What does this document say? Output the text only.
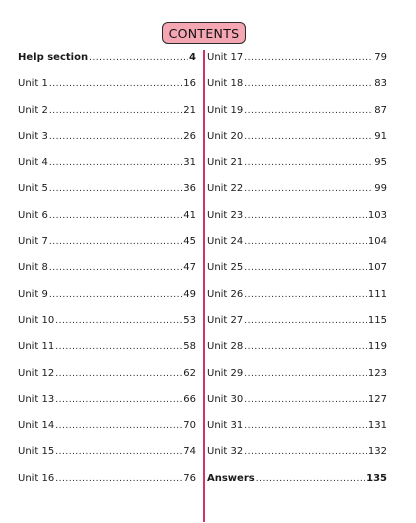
CONTENTS
Help section .....	4
Unit 1 .....	16
Unit 2 .....	21
Unit 3 .....	26
Unit 4 .....	31
Unit 5 .....	36
Unit 6 .....	41
Unit 7 .....	45
Unit 8 .....	47
Unit 9 .....	49
Unit 10 .....	53
Unit 11 .....	58
Unit 12 .....	62
Unit 13 .....	66
Unit 14 .....	70
Unit 15 .....	74
Unit 16 .....	76
Unit 17 .....	79
Unit 18 .....	83
Unit 19 .....	87
Unit 20 .....	91
Unit 21 .....	95
Unit 22 .....	99
Unit 23 .....	103
Unit 24 .....	104
Unit 25 .....	107
Unit 26 .....	111
Unit 27 .....	115
Unit 28 .....	119
Unit 29 .....	123
Unit 30 .....	127
Unit 31 .....	131
Unit 32 .....	132
Answers .....	135
